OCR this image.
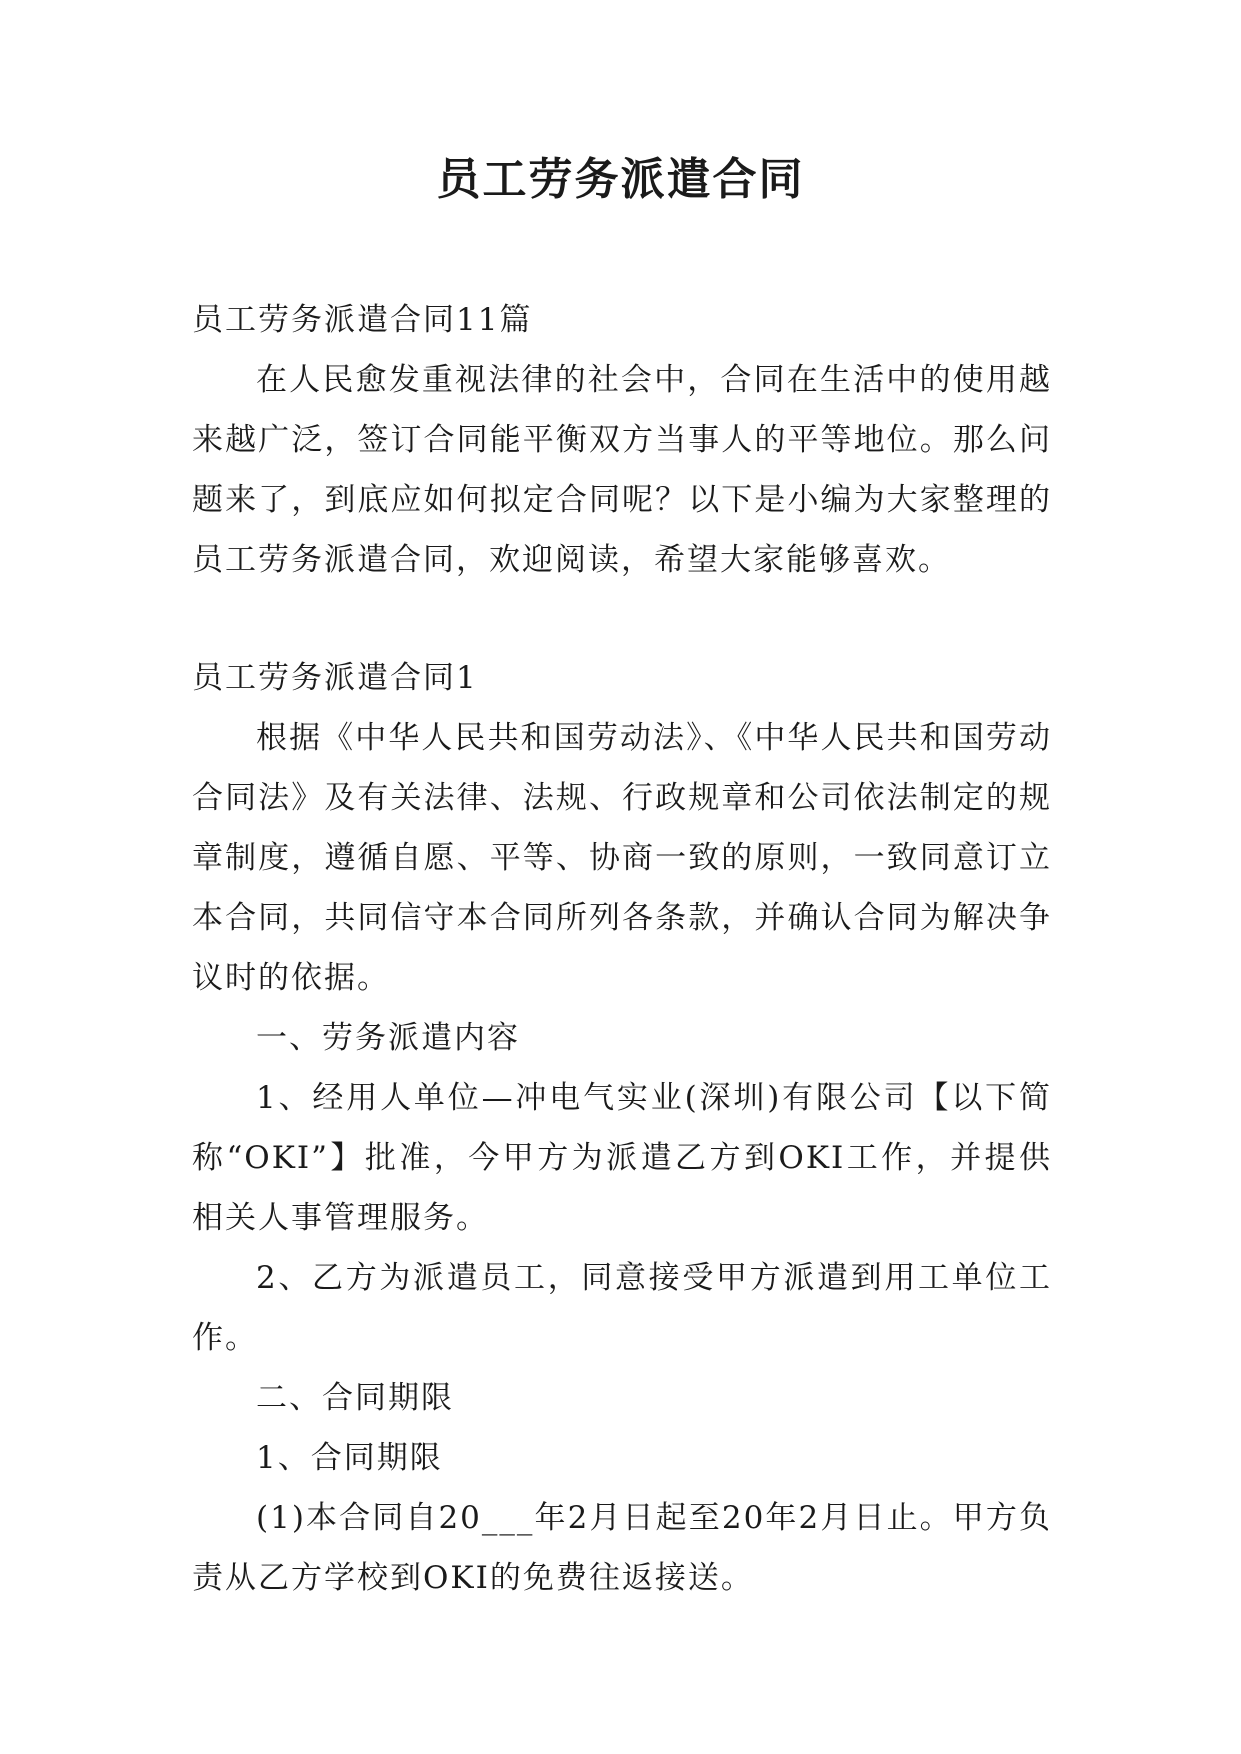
员工劳务派遣合同

员工劳务派遣合同11篇

在人民愈发重视法律的社会中，合同在生活中的使用越来越广泛，签订合同能平衡双方当事人的平等地位。那么问题来了，到底应如何拟定合同呢？以下是小编为大家整理的员工劳务派遣合同，欢迎阅读，希望大家能够喜欢。

员工劳务派遣合同1

根据《中华人民共和国劳动法》、《中华人民共和国劳动合同法》及有关法律、法规、行政规章和公司依法制定的规章制度，遵循自愿、平等、协商一致的原则，一致同意订立本合同，共同信守本合同所列各条款，并确认合同为解决争议时的依据。

一、劳务派遣内容

1、经用人单位—冲电气实业(深圳)有限公司【以下简称“OKI”】批准，今甲方为派遣乙方到OKI工作，并提供相关人事管理服务。

2、乙方为派遣员工，同意接受甲方派遣到用工单位工作。

二、合同期限

1、合同期限

(1)本合同自20___年2月日起至20年2月日止。甲方负责从乙方学校到OKI的免费往返接送。
